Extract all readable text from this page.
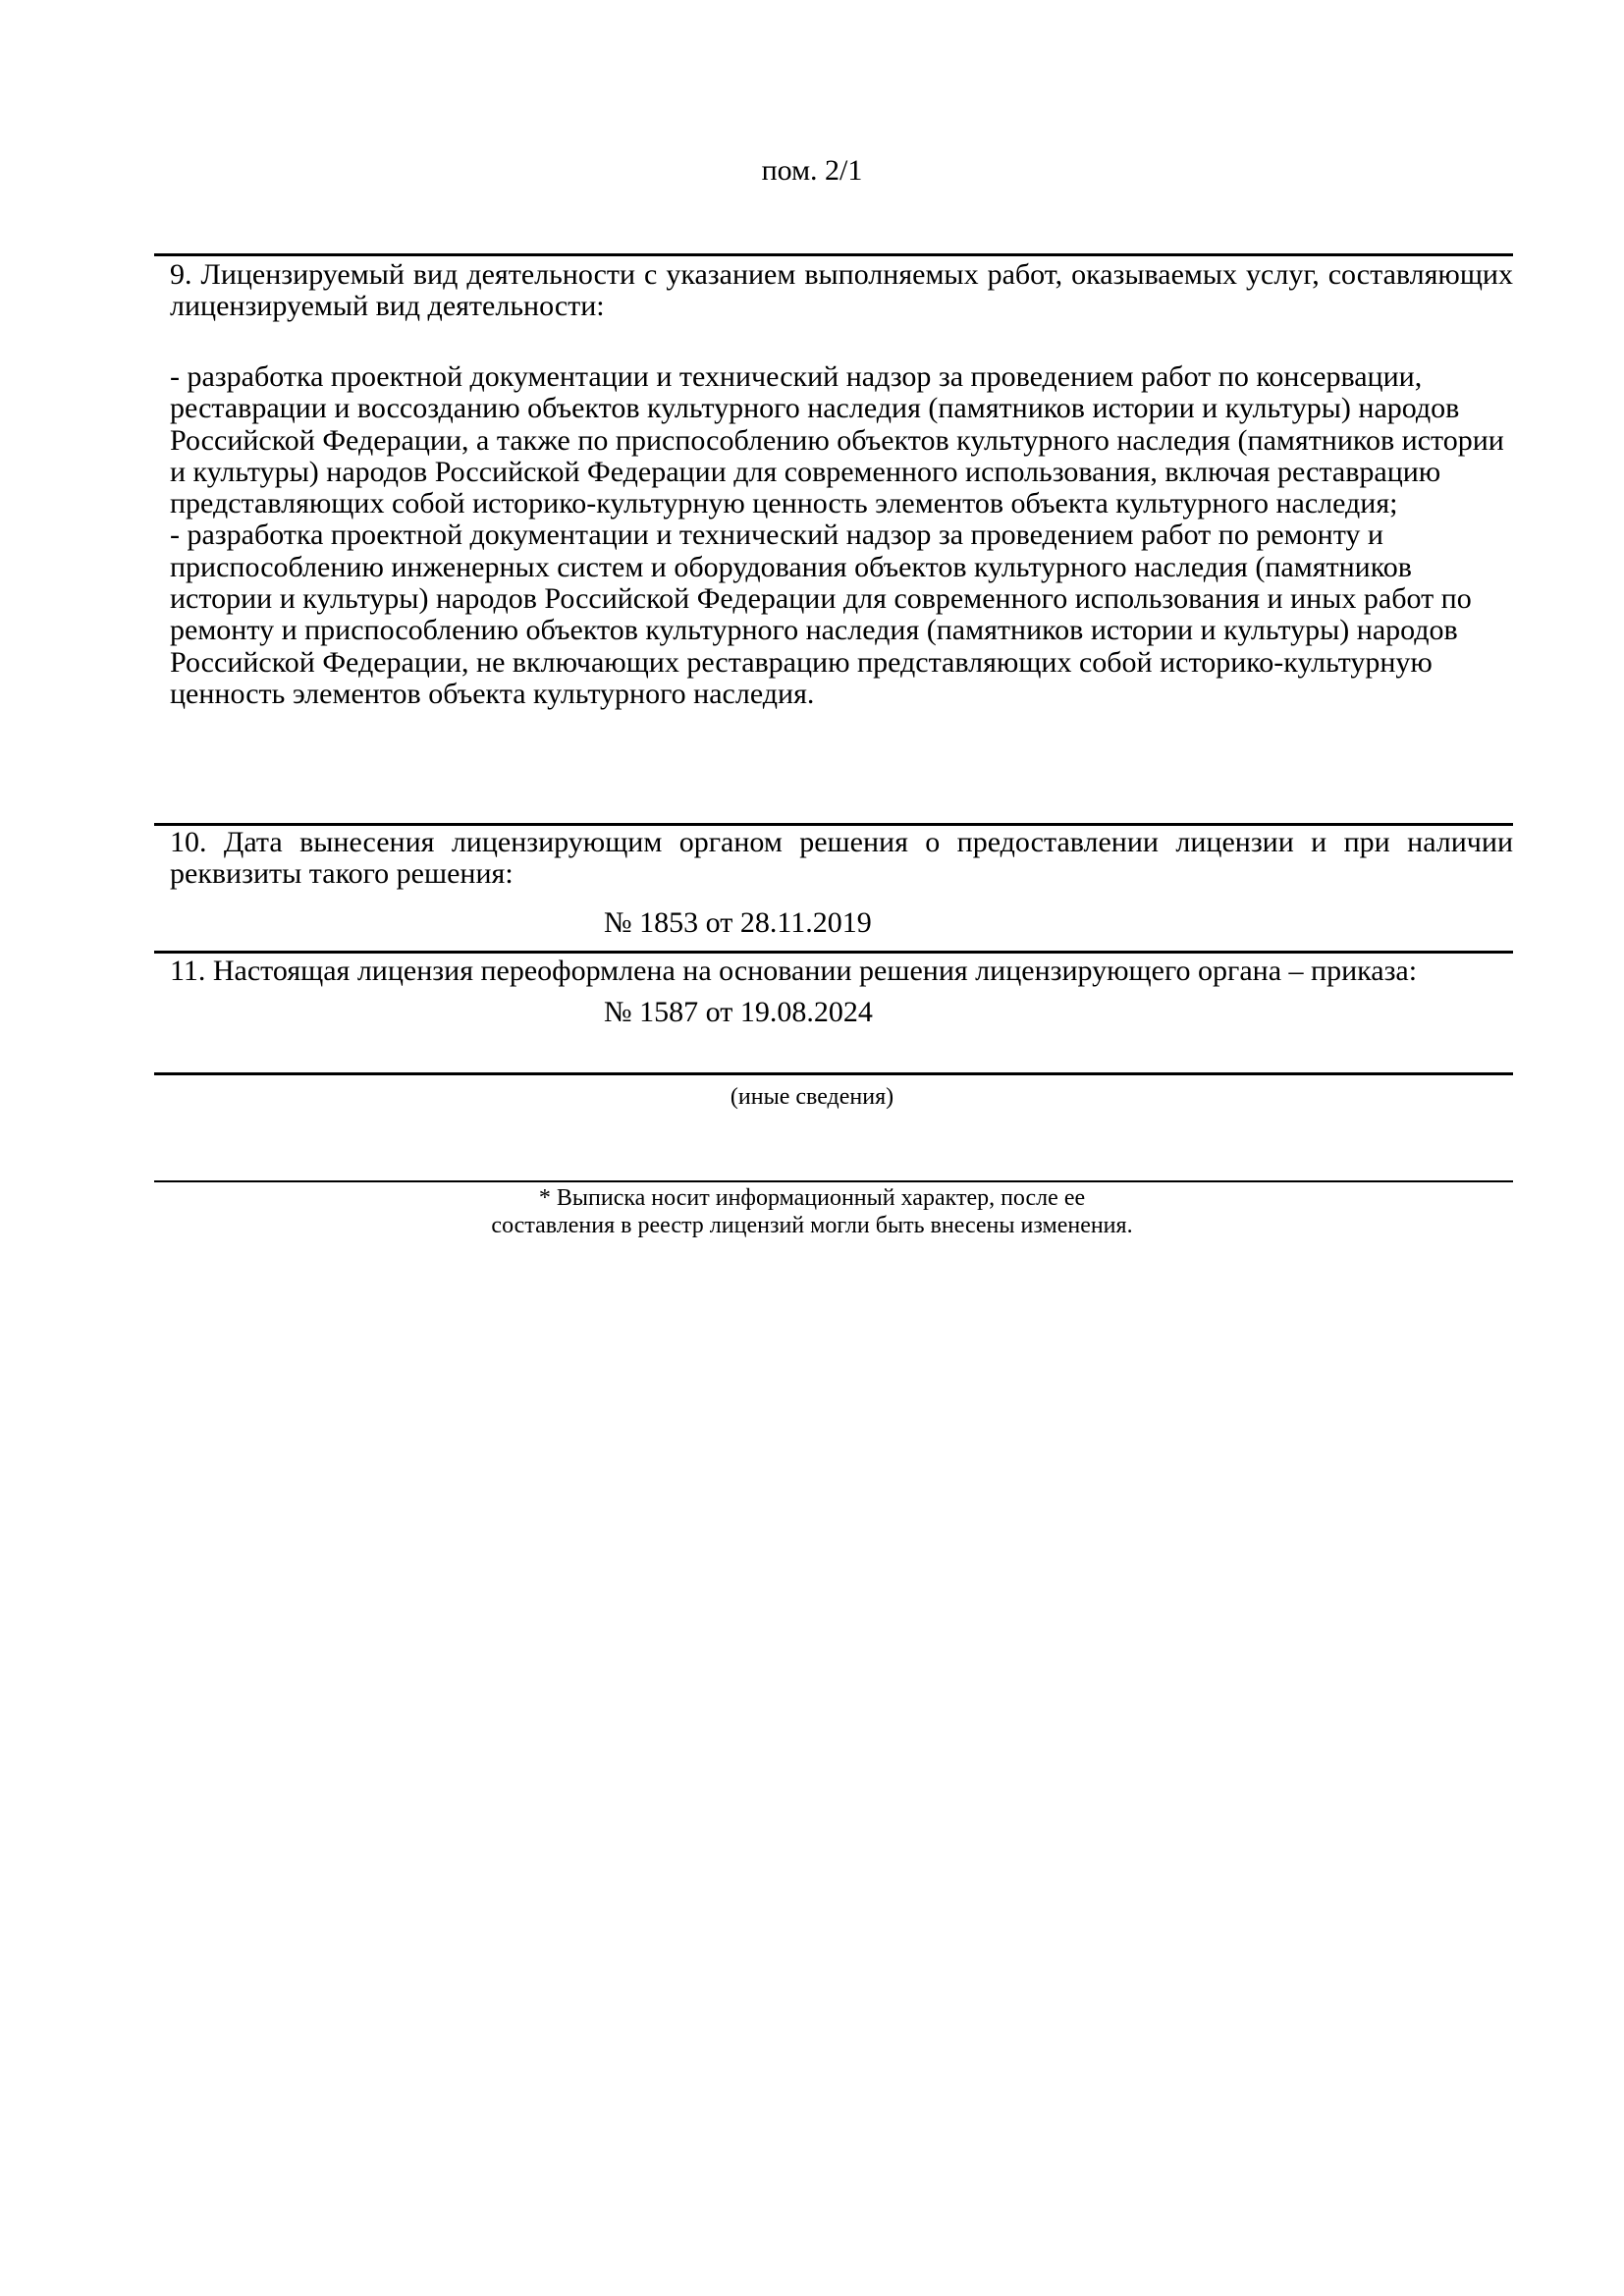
пом. 2/1

9. Лицензируемый вид деятельности с указанием выполняемых работ, оказываемых услуг, составляющих лицензируемый вид деятельности:

- разработка проектной документации и технический надзор за проведением работ по консервации, реставрации и воссозданию объектов культурного наследия (памятников истории и культуры) народов Российской Федерации, а также по приспособлению объектов культурного наследия (памятников истории и культуры) народов Российской Федерации для современного использования, включая реставрацию представляющих собой историко-культурную ценность элементов объекта культурного наследия;
- разработка проектной документации и технический надзор за проведением работ по ремонту и приспособлению инженерных систем и оборудования объектов культурного наследия (памятников истории и культуры) народов Российской Федерации для современного использования и иных работ по ремонту и приспособлению объектов культурного наследия (памятников истории и культуры) народов Российской Федерации, не включающих реставрацию представляющих собой историко-культурную ценность элементов объекта культурного наследия.

10. Дата вынесения лицензирующим органом решения о предоставлении лицензии и при наличии реквизиты такого решения:

№ 1853 от 28.11.2019

11. Настоящая лицензия переоформлена на основании решения лицензирующего органа – приказа:

№ 1587 от 19.08.2024

(иные сведения)

* Выписка носит информационный характер, после ее

составления в реестр лицензий могли быть внесены изменения.
